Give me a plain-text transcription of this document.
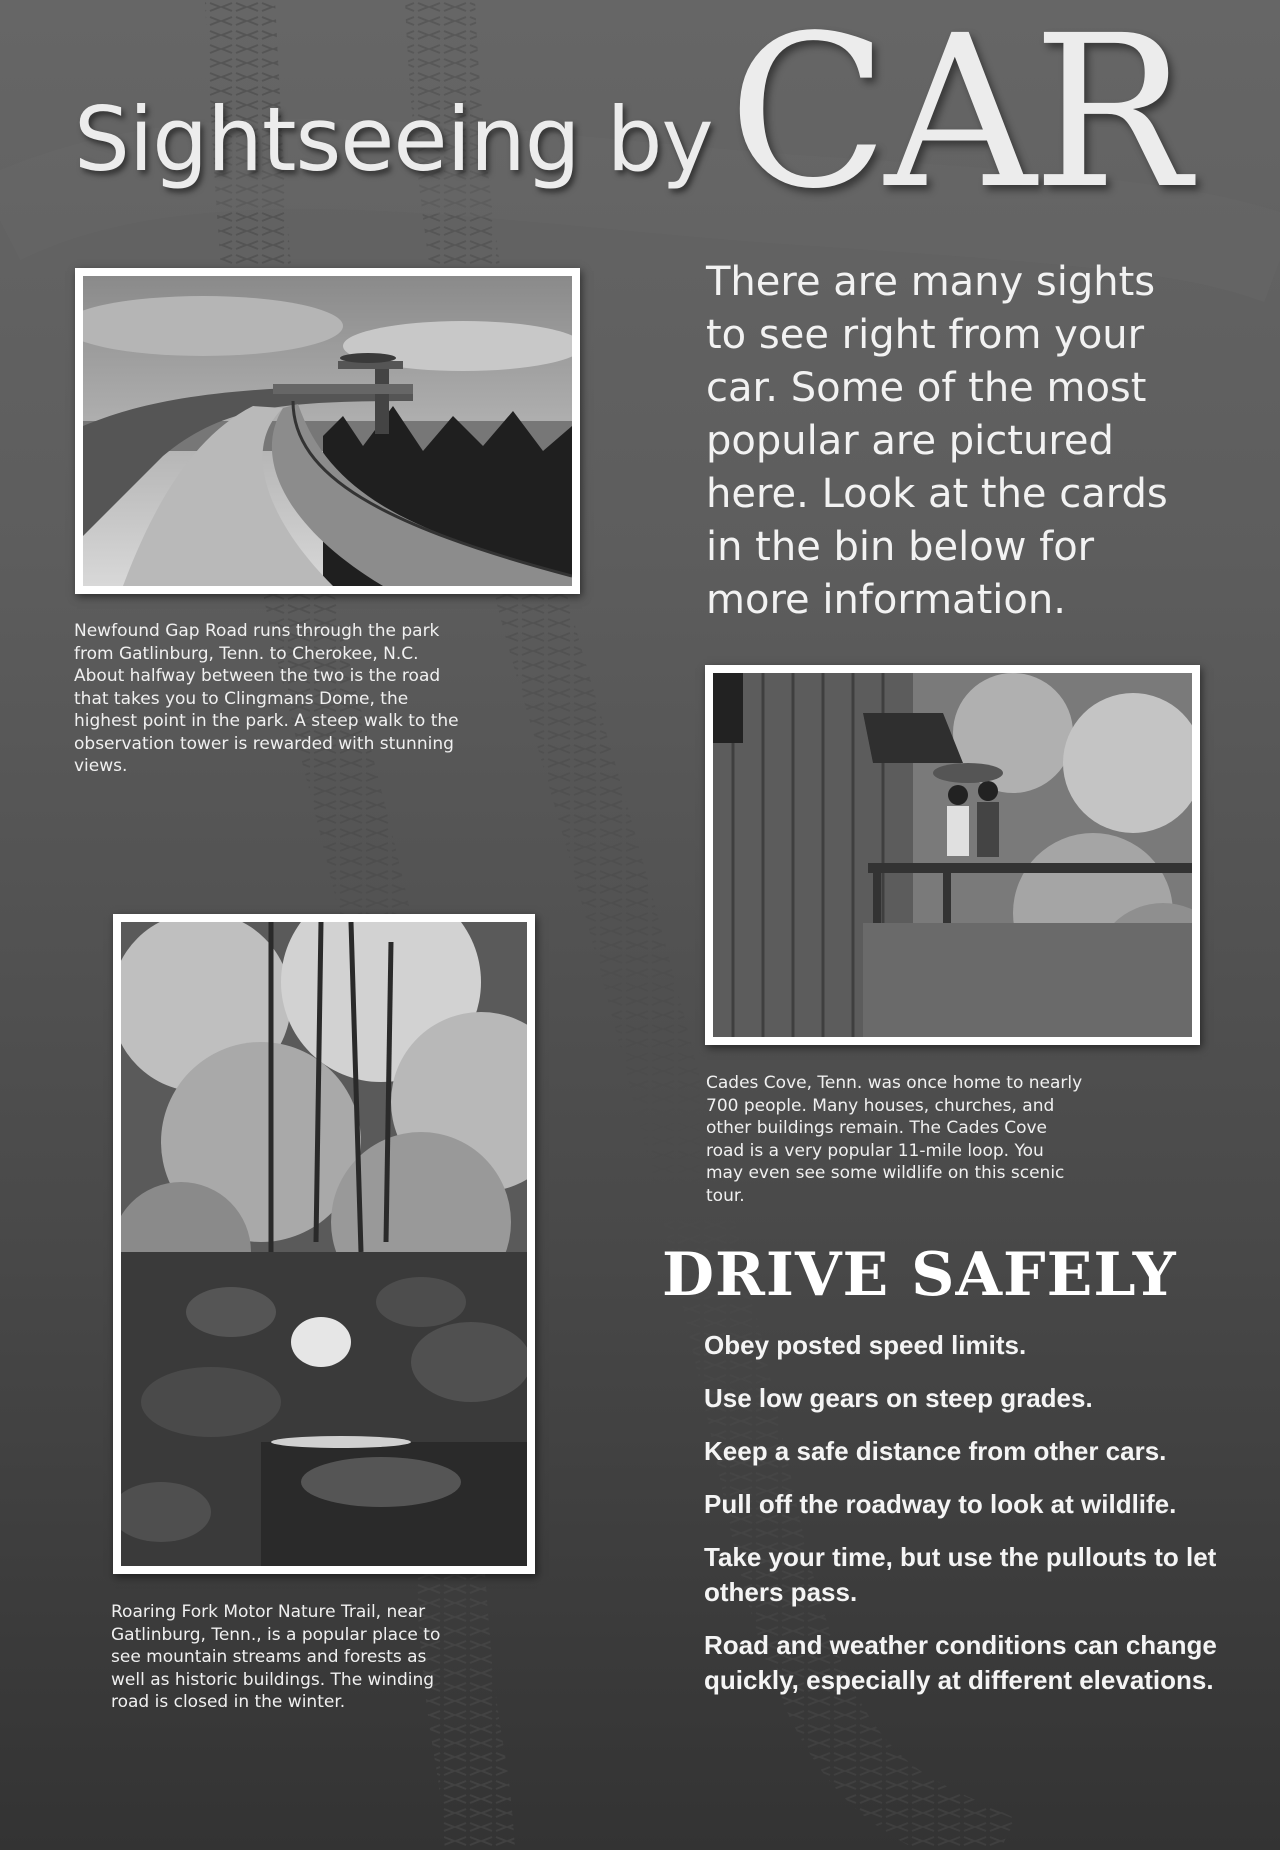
Sightseeing by CAR
There are many sights to see right from your car. Some of the most popular are pictured here. Look at the cards in the bin below for more information.
Newfound Gap Road runs through the park from Gatlinburg, Tenn. to Cherokee, N.C. About halfway between the two is the road that takes you to Clingmans Dome, the highest point in the park. A steep walk to the observation tower is rewarded with stunning views.
Cades Cove, Tenn. was once home to nearly 700 people. Many houses, churches, and other buildings remain. The Cades Cove road is a very popular 11-mile loop. You may even see some wildlife on this scenic tour.
Roaring Fork Motor Nature Trail, near Gatlinburg, Tenn., is a popular place to see mountain streams and forests as well as historic buildings. The winding road is closed in the winter.
DRIVE SAFELY
Obey posted speed limits.
Use low gears on steep grades.
Keep a safe distance from other cars.
Pull off the roadway to look at wildlife.
Take your time, but use the pullouts to let others pass.
Road and weather conditions can change quickly, especially at different elevations.
